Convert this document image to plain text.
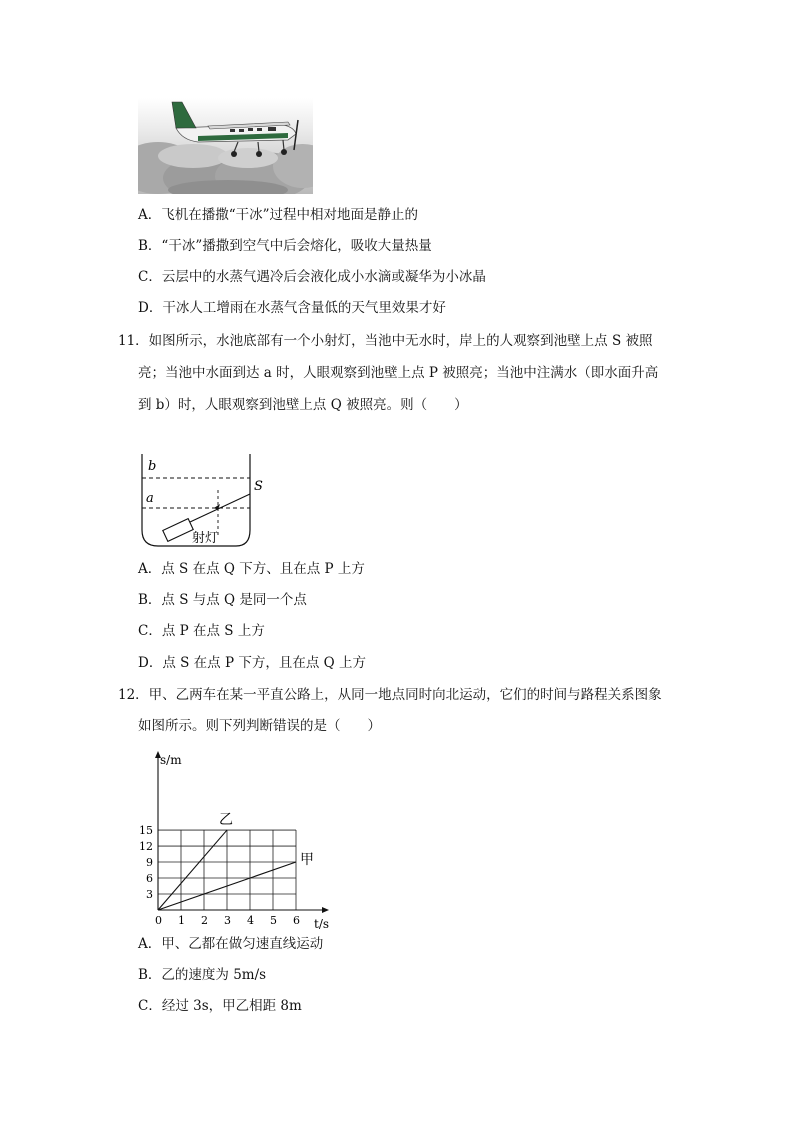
A．飞机在播撒“干冰”过程中相对地面是静止的
B．“干冰”播撒到空气中后会熔化，吸收大量热量
C．云层中的水蒸气遇冷后会液化成小水滴或凝华为小冰晶
D．干冰人工增雨在水蒸气含量低的天气里效果才好
11．如图所示，水池底部有一个小射灯，当池中无水时，岸上的人观察到池壁上点 S 被照
亮；当池中水面到达 a 时，人眼观察到池壁上点 P 被照亮；当池中注满水（即水面升高
到 b）时，人眼观察到池壁上点 Q 被照亮。则（　　）
b
a
S
射灯
A．点 S 在点 Q 下方、且在点 P 上方
B．点 S 与点 Q 是同一个点
C．点 P 在点 S 上方
D．点 S 在点 P 下方，且在点 Q 上方
12．甲、乙两车在某一平直公路上，从同一地点同时向北运动，它们的时间与路程关系图象
如图所示。则下列判断错误的是（　　）
0 1 2 3 4 5 6
3
6
9
12
15
s/m
t/s
乙
甲
A．甲、乙都在做匀速直线运动
B．乙的速度为 5m/s
C．经过 3s，甲乙相距 8m
